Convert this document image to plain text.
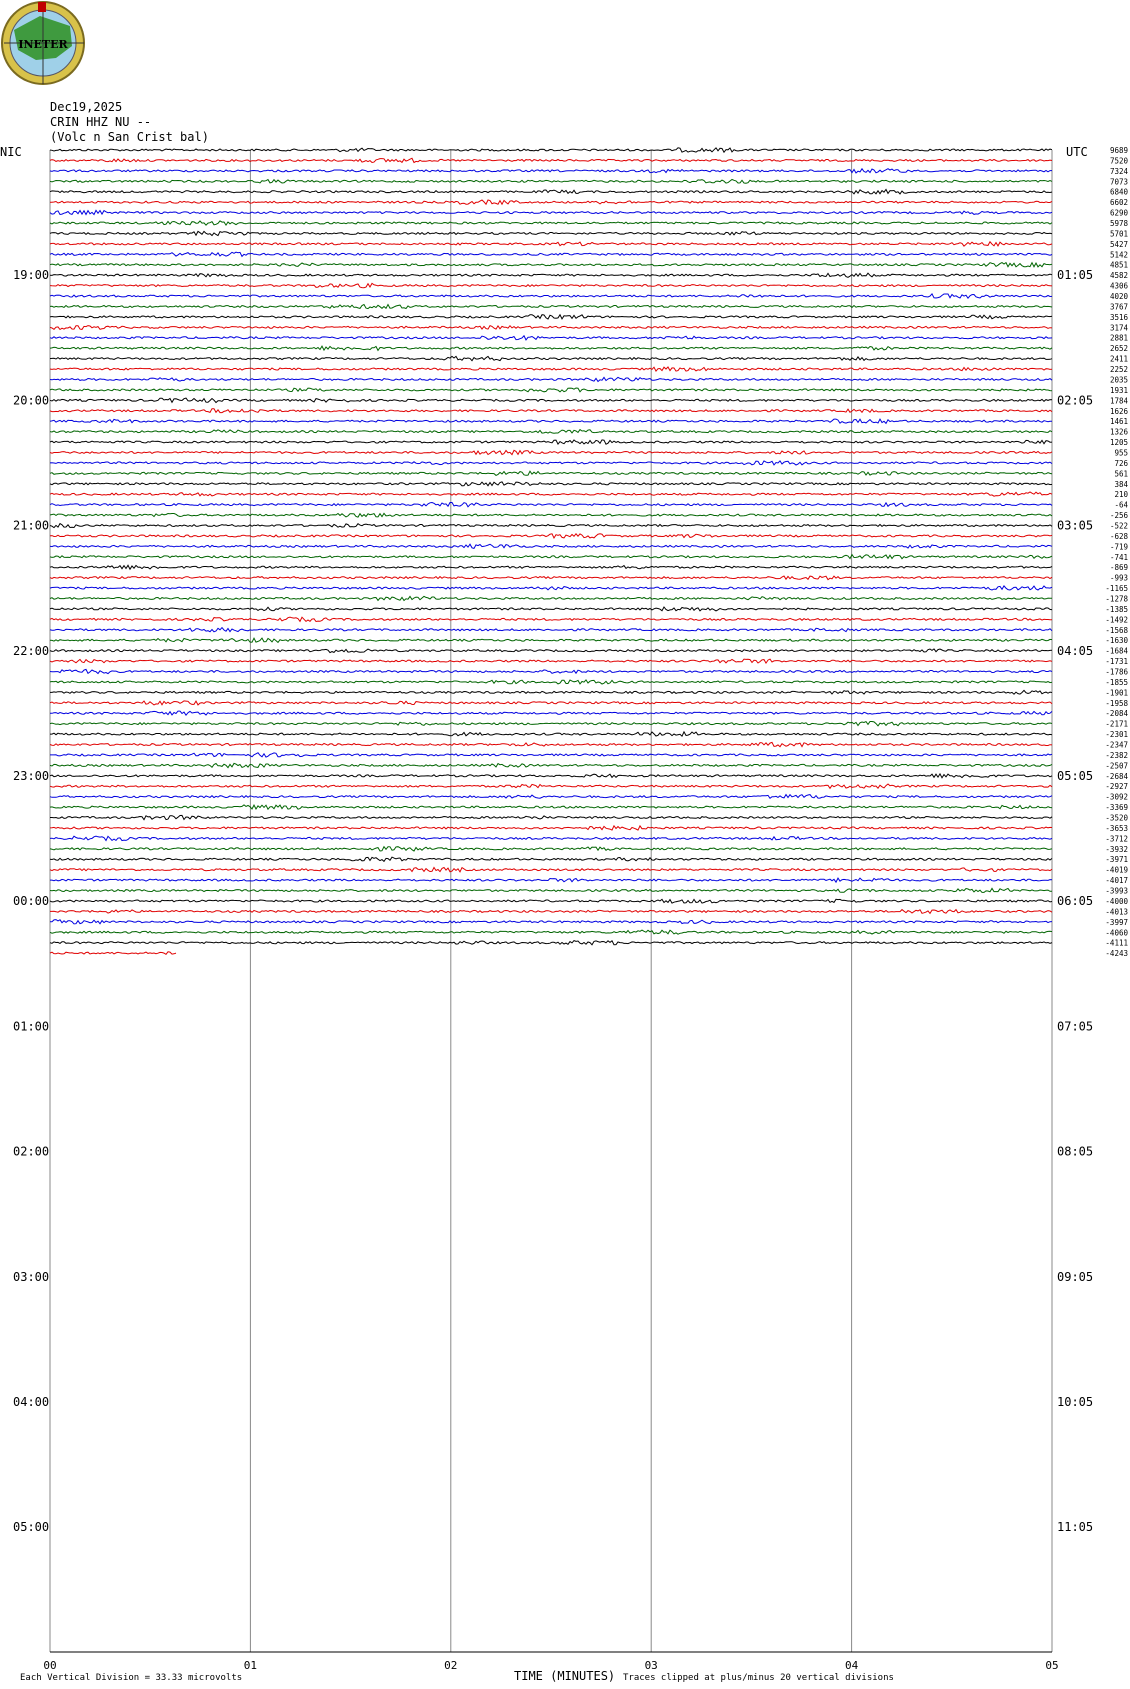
9689
7520
7324
7073
6840
6602
6290
5978
5701
5427
5142
4851
4582
4306
4020
3767
3516
3174
2881
2652
2411
2252
2035
1931
1784
1626
1461
1326
1205
955
726
561
384
210
-64
-256
-522
-628
-719
-741
-869
-993
-1165
-1278
-1385
-1492
-1568
-1630
-1684
-1731
-1786
-1855
-1901
-1958
-2084
-2171
-2301
-2347
-2382
-2507
-2684
-2927
-3092
-3369
-3520
-3653
-3712
-3932
-3971
-4019
-4017
-3993
-4000
-4013
-3997
-4060
-4111
-4243
19:00
20:00
21:00
22:00
23:00
00:00
01:00
02:00
03:00
04:00
05:00
01:05
02:05
03:05
04:05
05:05
06:05
07:05
08:05
09:05
10:05
11:05
00	01	02	03	04	05
NIC	UTC
TIME (MINUTES)
Each Vertical Division = 33.33 microvolts	Traces clipped at plus/minus 20 vertical divisions
INETER
Dec19,2025
CRIN HHZ NU --
(Volc n San Crist bal)
